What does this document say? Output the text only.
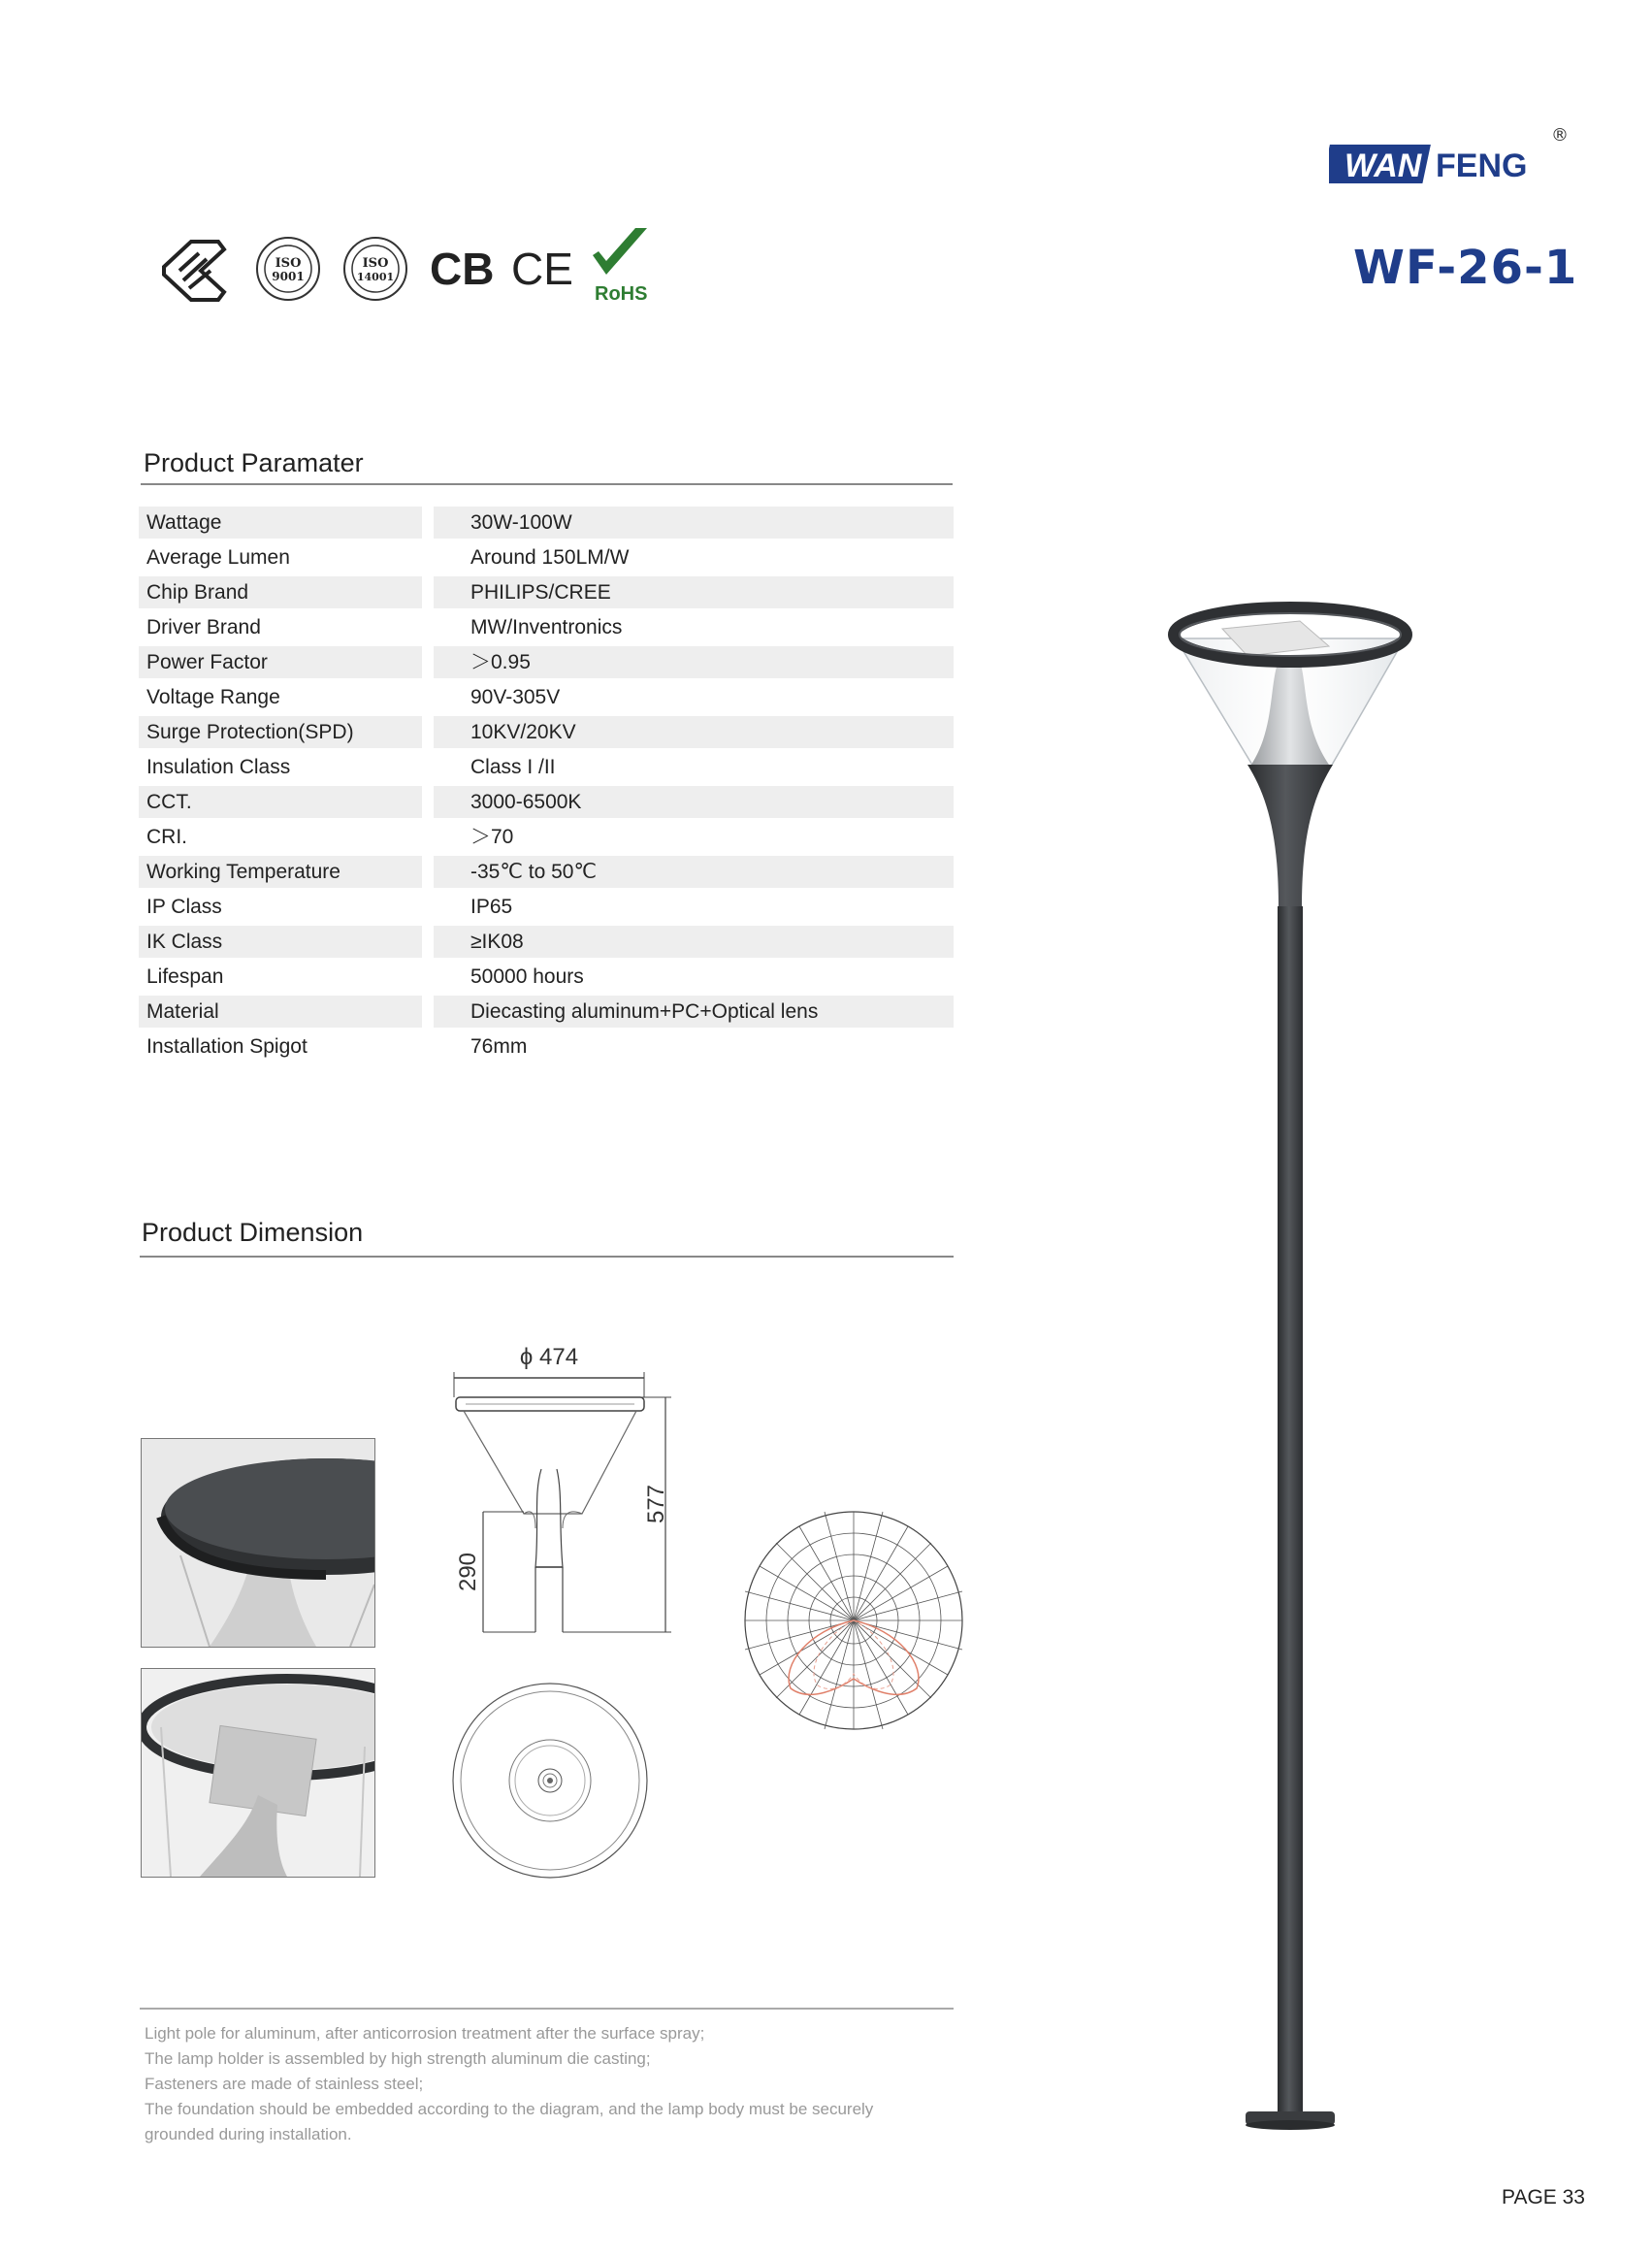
WAN FENG
®
WF-26-1
ISO
9001
ISO
14001 CB CE RoHS
Product Paramater
Wattage	30W-100W
Average Lumen	Around 150LM/W
Chip Brand	PHILIPS/CREE
Driver Brand	MW/Inventronics
Power Factor	＞0.95
Voltage Range	90V-305V
Surge Protection(SPD)	10KV/20KV
Insulation Class	Class I /II
CCT.	3000-6500K
CRI.	＞70
Working Temperature	-35℃ to 50℃
IP Class	IP65
IK Class	≥IK08
Lifespan	50000 hours
Material	Diecasting aluminum+PC+Optical lens
Installation Spigot	76mm
Product Dimension
ϕ 474
577
290
Light pole for aluminum, after anticorrosion treatment after the surface spray;
The lamp holder is assembled by high strength aluminum die casting;
Fasteners are made of stainless steel;
The foundation should be embedded according to the diagram, and the lamp body must be securely
grounded during installation.
PAGE 33
